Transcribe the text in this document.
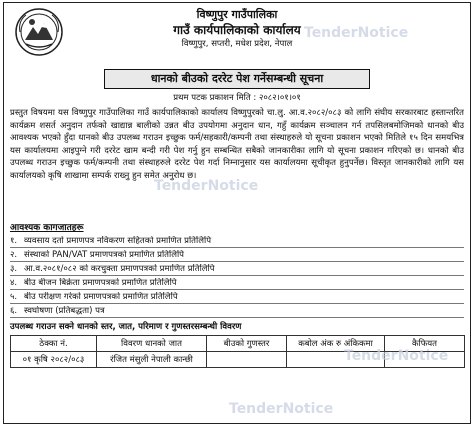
विष्णुपुर गाउँपालिका
गाउँ कार्यपालिकाको कार्यालय
विष्णुपुर, सप्तरी, मधेश प्रदेश, नेपाल
TenderNotice
धानको बीउको दररेट पेश गर्नेसम्बन्धी सूचना
प्रथम पटक प्रकाशन मिति : २०८२।०१।०१
प्रस्तुत विषयमा यस विष्णुपुर गाउँपालिका गाउँ कार्यपालिकाको कार्यालय विष्णुपुरको चा.लु. आ.व.२०८२/०८३ को लागि संघीय सरकारबाट हस्तान्तरित कार्यक्रम शसर्त अनुदान तर्फको खाद्यान्न बालीको उन्नत बीउ उपयोगमा अनुदान धान, गहुँ कार्यक्रम सञ्चालन गर्न तपसिलबमोजिमको धानको बीउ आवश्यक भएको हुँदा धानको बीउ उपलब्ध गराउन इच्छुक फर्म/सहकारी/कम्पनी तथा संस्थाहरुले यो सूचना प्रकाशन भएको मितिले १५ दिन समयभित्र यस कार्यालयमा आइपुग्ने गरी दररेट खाम बन्दी गरी पेश गर्नु हुन सम्बन्धित सबैको जानकारीका लागि यो सूचना प्रकाशन गरिएको छ। धानको बीउ उपलब्ध गराउन इच्छुक फर्म/कम्पनी तथा संस्थाहरुले दररेट पेश गर्दा निम्नानुसार यस कार्यालयमा सूचीकृत हुनुपर्नेछ। विस्तृत जानकारीको लागि यस कार्यालयको कृषि शाखामा सम्पर्क राख्नु हुन समेत अनुरोध छ।
आवश्यक कागजातहरू
१. व्यवसाय दर्ता प्रमाणपत्र नविकरण सहितको प्रमाणित प्रतिलिपि
२. संस्थाको PAN/VAT प्रमाणपत्रको प्रमाणित प्रतिलिपि
३. आ.व.२०८१/०८२ को करचुक्ता प्रमाणपत्रको प्रमाणित प्रतिलिपि
४. बीउ बीजन बिक्रेता प्रमाणपत्रको प्रमाणित प्रतिलिपि
५. बीउ परीक्षण गरेको प्रमाणपत्रको प्रमाणित प्रतिलिपि
६. स्वघोषणा (प्रतिबद्धता) पत्र
उपलब्ध गराउन सक्ने धानको स्तर, जात, परिमाण र गुणस्तरसम्बन्धी विवरण
ठेक्का नं.	विवरण धानको जात	बीउको गुणस्तर	कबोल अंक रु अंकिकमा	कैफियत
०१ कृषि २०८२/०८३	रंजित मंसुली नेपाली कान्छी			
TenderNotice
TenderNotice
TenderNotice
